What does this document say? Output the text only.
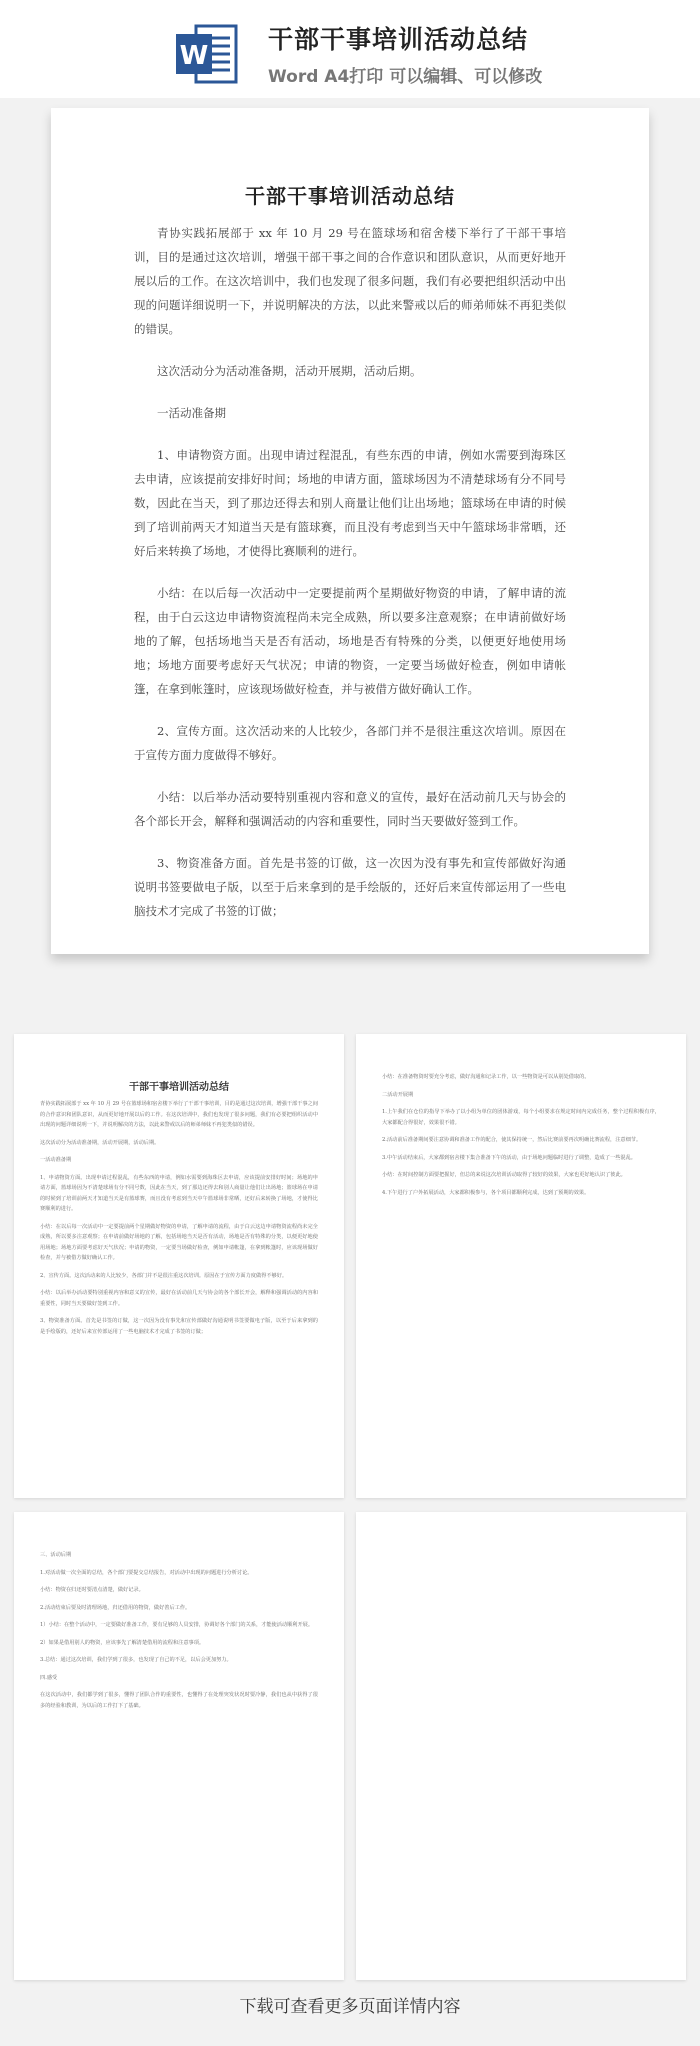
W
干部干事培训活动总结
Word A4打印 可以编辑、可以修改
干部干事培训活动总结

青协实践拓展部于 xx 年 10 月 29 号在篮球场和宿舍楼下举行了干部干事培训，目的是通过这次培训，增强干部干事之间的合作意识和团队意识，从而更好地开展以后的工作。在这次培训中，我们也发现了很多问题，我们有必要把组织活动中出现的问题详细说明一下，并说明解决的方法，以此来警戒以后的师弟师妹不再犯类似的错误。

这次活动分为活动准备期，活动开展期，活动后期。

一活动准备期

1、申请物资方面。出现申请过程混乱，有些东西的申请，例如水需要到海珠区去申请，应该提前安排好时间；场地的申请方面，篮球场因为不清楚球场有分不同号数，因此在当天，到了那边还得去和别人商量让他们让出场地；篮球场在申请的时候到了培训前两天才知道当天是有篮球赛，而且没有考虑到当天中午篮球场非常晒，还好后来转换了场地，才使得比赛顺利的进行。

小结：在以后每一次活动中一定要提前两个星期做好物资的申请，了解申请的流程，由于白云这边申请物资流程尚未完全成熟，所以要多注意观察；在申请前做好场地的了解，包括场地当天是否有活动，场地是否有特殊的分类，以便更好地使用场地；场地方面要考虑好天气状况；申请的物资，一定要当场做好检查，例如申请帐篷，在拿到帐篷时，应该现场做好检查，并与被借方做好确认工作。

2、宣传方面。这次活动来的人比较少，各部门并不是很注重这次培训。原因在于宣传方面力度做得不够好。

小结：以后举办活动要特别重视内容和意义的宣传，最好在活动前几天与协会的各个部长开会，解释和强调活动的内容和重要性，同时当天要做好签到工作。

3、物资准备方面。首先是书签的订做，这一次因为没有事先和宣传部做好沟通说明书签要做电子版，以至于后来拿到的是手绘版的，还好后来宣传部运用了一些电脑技术才完成了书签的订做；

干部干事培训活动总结

青协实践拓展部于 xx 年 10 月 29 号在篮球场和宿舍楼下举行了干部干事培训，目的是通过这次培训，增强干部干事之间的合作意识和团队意识，从而更好地开展以后的工作。在这次培训中，我们也发现了很多问题，我们有必要把组织活动中出现的问题详细说明一下，并说明解决的方法，以此来警戒以后的师弟师妹不再犯类似的错误。

这次活动分为活动准备期，活动开展期，活动后期。

一活动准备期

1、申请物资方面。出现申请过程混乱，有些东西的申请，例如水需要到海珠区去申请，应该提前安排好时间；场地的申请方面，篮球场因为不清楚球场有分不同号数，因此在当天，到了那边还得去和别人商量让他们让出场地；篮球场在申请的时候到了培训前两天才知道当天是有篮球赛，而且没有考虑到当天中午篮球场非常晒，还好后来转换了场地，才使得比赛顺利的进行。

小结：在以后每一次活动中一定要提前两个星期做好物资的申请，了解申请的流程，由于白云这边申请物资流程尚未完全成熟，所以要多注意观察；在申请前做好场地的了解，包括场地当天是否有活动，场地是否有特殊的分类，以便更好地使用场地；场地方面要考虑好天气状况；申请的物资，一定要当场做好检查，例如申请帐篷，在拿到帐篷时，应该现场做好检查，并与被借方做好确认工作。

2、宣传方面。这次活动来的人比较少，各部门并不是很注重这次培训。原因在于宣传方面力度做得不够好。

小结：以后举办活动要特别重视内容和意义的宣传，最好在活动前几天与协会的各个部长开会，解释和强调活动的内容和重要性，同时当天要做好签到工作。

3、物资准备方面。首先是书签的订做，这一次因为没有事先和宣传部做好沟通说明书签要做电子版，以至于后来拿到的是手绘版的，还好后来宣传部运用了一些电脑技术才完成了书签的订做；

小结：在准备物资时要充分考虑，做好沟通和记录工作，以一些物资是可以从别处借取的。

二活动开展期

1.上午我们在仓位的指导下举办了以小组为单位的团体游戏，每个小组要求在规定时间内完成任务，整个过程积极有序，大家都配合得很好，效果很不错。

2.活动前后准备期间要注意协调和准备工作的配合，使其保持统一，然后比赛前要再次明确比赛流程，注意细节。

3.中午活动结束后，大家都到宿舍楼下集合准备下午的活动，由于场地问题临时进行了调整，造成了一些混乱。

小结：在时间控制方面要把握好，但总的来说这次培训活动取得了较好的效果，大家也更好地认识了彼此。

4.下午进行了户外拓展活动，大家都积极参与，各个项目都顺利完成，达到了预期的效果。

三、活动后期

1.对活动做一次全面的总结，各个部门要提交总结报告，对活动中出现的问题进行分析讨论。

小结：物资在归还时要清点清楚，做好记录。

2.活动结束后要及时清理场地，归还借用的物资，做好善后工作。

1）小结：在整个活动中，一定要做好准备工作，要有足够的人员安排，协调好各个部门的关系，才能使活动顺利开展。

2）如果是借用别人的物资，应该事先了解清楚借用的流程和注意事项。

3.总结：通过这次培训，我们学到了很多，也发现了自己的不足，以后会更加努力。

四.感受

在这次活动中，我们都学到了很多，懂得了团队合作的重要性，也懂得了在处理突发状况时要冷静，我们也从中获得了很多的经验和教训，为以后的工作打下了基础。

下载可查看更多页面详情内容
